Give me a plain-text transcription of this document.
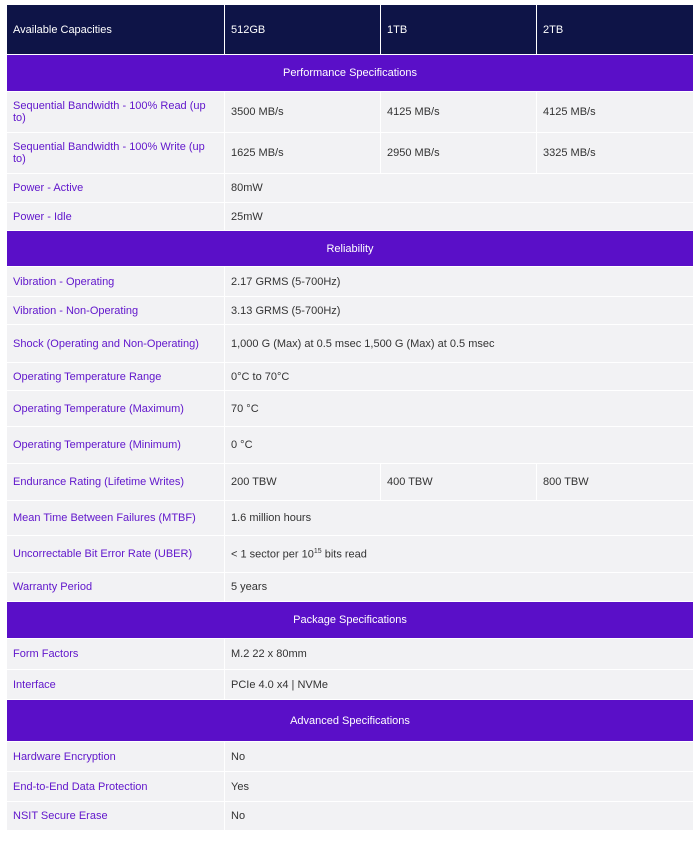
Available Capacities	512GB	1TB	2TB
Performance Specifications			
Sequential Bandwidth - 100% Read (up to)	3500 MB/s	4125 MB/s	4125 MB/s
Sequential Bandwidth - 100% Write (up to)	1625 MB/s	2950 MB/s	3325 MB/s
Power - Active	80mW		
Power - Idle	25mW		
Reliability			
Vibration - Operating	2.17 GRMS (5-700Hz)		
Vibration - Non-Operating	3.13 GRMS (5-700Hz)		
Shock (Operating and Non-Operating)	1,000 G (Max) at 0.5 msec 1,500 G (Max) at 0.5 msec		
Operating Temperature Range	0°C to 70°C		
Operating Temperature (Maximum)	70 °C		
Operating Temperature (Minimum)	0 °C		
Endurance Rating (Lifetime Writes)	200 TBW	400 TBW	800 TBW
Mean Time Between Failures (MTBF)	1.6 million hours		
Uncorrectable Bit Error Rate (UBER)	< 1 sector per $10^{15}$ bits read		
Warranty Period	5 years		
Package Specifications			
Form Factors	M.2 22 x 80mm		
Interface	PCIe 4.0 x4 | NVMe		
Advanced Specifications			
Hardware Encryption	No		
End-to-End Data Protection	Yes		
NSIT Secure Erase	No		
